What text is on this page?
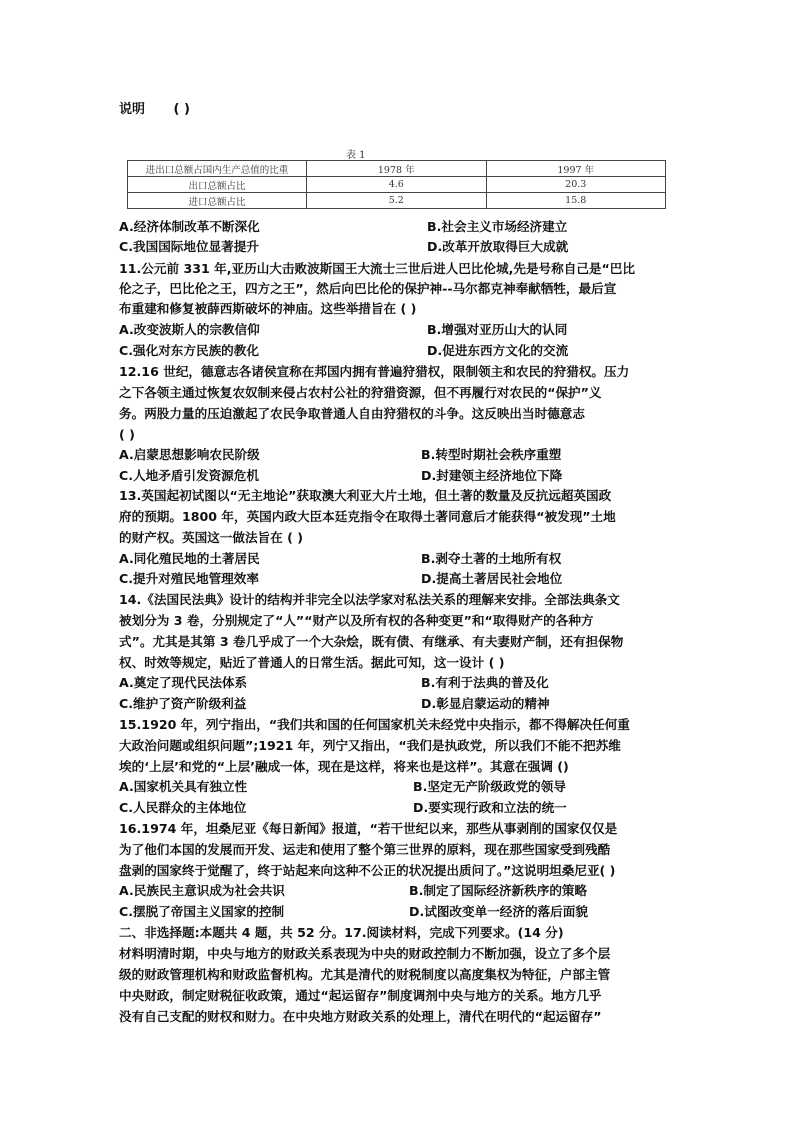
说明 ( )
表 1
进出口总额占国内生产总值的比重	1978 年	1997 年
出口总额占比	4.6	20.3
进口总额占比	5.2	15.8
A.经济体制改革不断深化	B.社会主义市场经济建立
C.我国国际地位显著提升	D.改革开放取得巨大成就
11.公元前 331 年,亚历山大击败波斯国王大流士三世后进人巴比伦城,先是号称自己是“巴比
伦之子，巴比伦之王，四方之王”，然后向巴比伦的保护神--马尔都克神奉献牺牲，最后宣
布重建和修复被薛西斯破坏的神庙。这些举措旨在 ( )
A.改变波斯人的宗教信仰	B.增强对亚历山大的认同
C.强化对东方民族的教化	D.促进东西方文化的交流
12.16 世纪，德意志各诸侯宣称在邦国内拥有普遍狩猎权，限制领主和农民的狩猎权。压力
之下各领主通过恢复农奴制来侵占农村公社的狩猎资源，但不再履行对农民的“保护”义
务。两股力量的压迫激起了农民争取普通人自由狩猎权的斗争。这反映出当时德意志
( )
A.启蒙思想影响农民阶级	B.转型时期社会秩序重塑
C.人地矛盾引发资源危机	D.封建领主经济地位下降
13.英国起初试图以“无主地论”获取澳大利亚大片土地，但土著的数量及反抗远超英国政
府的预期。1800 年，英国内政大臣本廷克指令在取得土著同意后才能获得“被发现”土地
的财产权。英国这一做法旨在 ( )
A.同化殖民地的土著居民	B.剥夺土著的土地所有权
C.提升对殖民地管理效率	D.提高土著居民社会地位
14.《法国民法典》设计的结构并非完全以法学家对私法关系的理解来安排。全部法典条文
被划分为 3 卷，分别规定了“人”“财产以及所有权的各种变更”和“取得财产的各种方
式”。尤其是其第 3 卷几乎成了一个大杂烩，既有债、有继承、有夫妻财产制，还有担保物
权、时效等规定，贴近了普通人的日常生活。据此可知，这一设计 ( )
A.奠定了现代民法体系	B.有利于法典的普及化
C.维护了资产阶级利益	D.彰显启蒙运动的精神
15.1920 年，列宁指出，“我们共和国的任何国家机关未经党中央指示，都不得解决任何重
大政治问题或组织问题”;1921 年，列宁又指出，“我们是执政党，所以我们不能不把苏维
埃的‘上层’和党的“上层’融成一体，现在是这样，将来也是这样”。其意在强调 ()
A.国家机关具有独立性	B.坚定无产阶级政党的领导
C.人民群众的主体地位	D.要实现行政和立法的统一
16.1974 年，坦桑尼亚《每日新闻》报道，“若干世纪以来，那些从事剥削的国家仅仅是
为了他们本国的发展而开发、运走和使用了整个第三世界的原料，现在那些国家受到残酷
盘剥的国家终于觉醒了，终于站起来向这种不公正的状况提出质问了。”这说明坦桑尼亚( )
A.民族民主意识成为社会共识	B.制定了国际经济新秩序的策略
C.摆脱了帝国主义国家的控制	D.试图改变单一经济的落后面貌
二、非选择题:本题共 4 题，共 52 分。17.阅读材料，完成下列要求。(14 分)
材料明清时期，中央与地方的财政关系表现为中央的财政控制力不断加强，设立了多个层
级的财政管理机构和财政监督机构。尤其是清代的财税制度以高度集权为特征，户部主管
中央财政，制定财税征收政策，通过“起运留存”制度调剂中央与地方的关系。地方几乎
没有自己支配的财权和财力。在中央地方财政关系的处理上，清代在明代的“起运留存”
